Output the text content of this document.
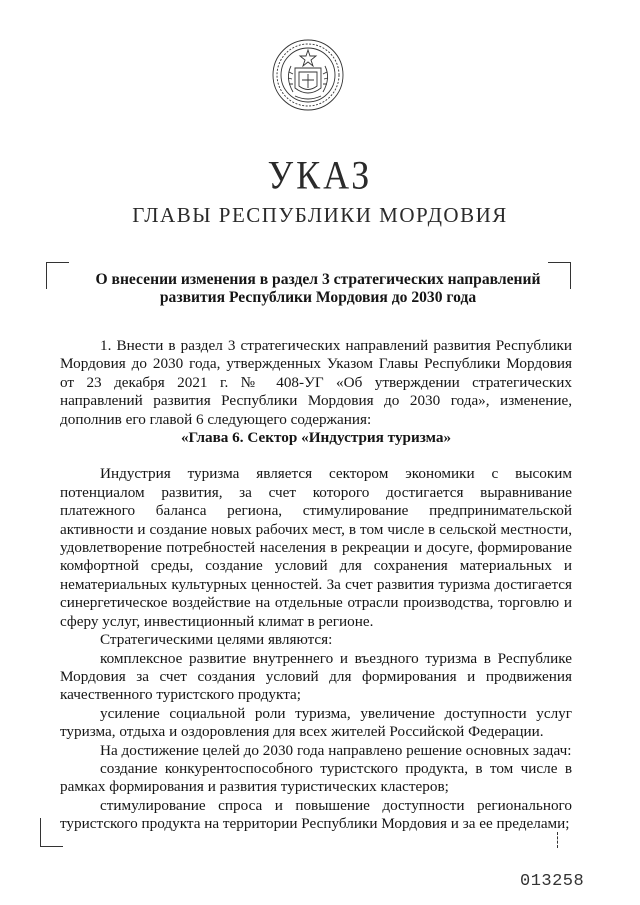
УКАЗ
ГЛАВЫ РЕСПУБЛИКИ МОРДОВИЯ
О внесении изменения в раздел 3 стратегических направлений
развития Республики Мордовия до 2030 года

1. Внести в раздел 3 стратегических направлений развития Республики Мордовия до 2030 года, утвержденных Указом Главы Республики Мордовия от 23 декабря 2021 г. № 408-УГ «Об утверждении стратегических направлений развития Республики Мордовия до 2030 года», изменение, дополнив его главой 6 следующего содержания:

«Глава 6. Сектор «Индустрия туризма»

Индустрия туризма является сектором экономики с высоким потенциалом развития, за счет которого достигается выравнивание платежного баланса региона, стимулирование предпринимательской активности и создание новых рабочих мест, в том числе в сельской местности, удовлетворение потребностей населения в рекреации и досуге, формирование комфортной среды, создание условий для сохранения материальных и нематериальных культурных ценностей. За счет развития туризма достигается синергетическое воздействие на отдельные отрасли производства, торговлю и сферу услуг, инвестиционный климат в регионе.

Стратегическими целями являются:

комплексное развитие внутреннего и въездного туризма в Республике Мордовия за счет создания условий для формирования и продвижения качественного туристского продукта;

усиление социальной роли туризма, увеличение доступности услуг туризма, отдыха и оздоровления для всех жителей Российской Федерации.

На достижение целей до 2030 года направлено решение основных задач:

создание конкурентоспособного туристского продукта, в том числе в рамках формирования и развития туристических кластеров;

стимулирование спроса и повышение доступности регионального туристского продукта на территории Республики Мордовия и за ее пределами;

013258
